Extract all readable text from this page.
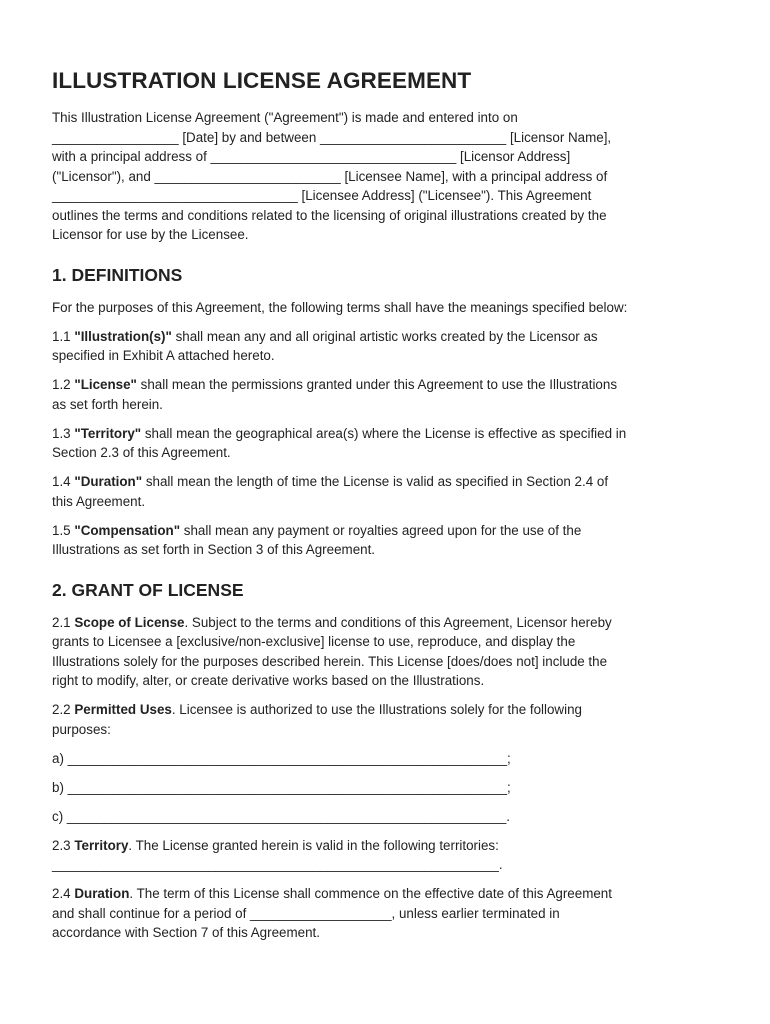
ILLUSTRATION LICENSE AGREEMENT

This Illustration License Agreement ("Agreement") is made and entered into on
_________________ [Date] by and between _________________________ [Licensor Name],
with a principal address of _________________________________ [Licensor Address]
("Licensor"), and _________________________ [Licensee Name], with a principal address of
_________________________________ [Licensee Address] ("Licensee"). This Agreement
outlines the terms and conditions related to the licensing of original illustrations created by the
Licensor for use by the Licensee.

1. DEFINITIONS

For the purposes of this Agreement, the following terms shall have the meanings specified below:

1.1 "Illustration(s)" shall mean any and all original artistic works created by the Licensor as
specified in Exhibit A attached hereto.

1.2 "License" shall mean the permissions granted under this Agreement to use the Illustrations
as set forth herein.

1.3 "Territory" shall mean the geographical area(s) where the License is effective as specified in
Section 2.3 of this Agreement.

1.4 "Duration" shall mean the length of time the License is valid as specified in Section 2.4 of
this Agreement.

1.5 "Compensation" shall mean any payment or royalties agreed upon for the use of the
Illustrations as set forth in Section 3 of this Agreement.

2. GRANT OF LICENSE

2.1 Scope of License. Subject to the terms and conditions of this Agreement, Licensor hereby
grants to Licensee a [exclusive/non-exclusive] license to use, reproduce, and display the
Illustrations solely for the purposes described herein. This License [does/does not] include the
right to modify, alter, or create derivative works based on the Illustrations.

2.2 Permitted Uses. Licensee is authorized to use the Illustrations solely for the following
purposes:

a) ___________________________________________________________;

b) ___________________________________________________________;

c) ___________________________________________________________.

2.3 Territory. The License granted herein is valid in the following territories:
____________________________________________________________.

2.4 Duration. The term of this License shall commence on the effective date of this Agreement
and shall continue for a period of ___________________, unless earlier terminated in
accordance with Section 7 of this Agreement.
